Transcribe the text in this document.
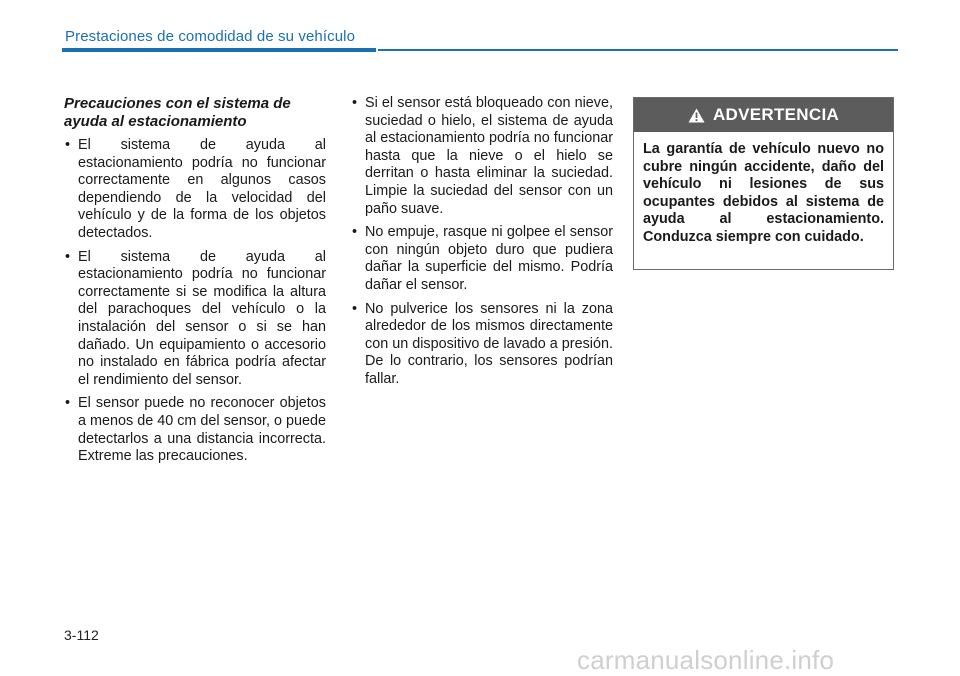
Prestaciones de comodidad de su vehículo
Precauciones con el sistema de ayuda al estacionamiento
• El sistema de ayuda al estacionamiento podría no funcionar correctamente en algunos casos dependiendo de la velocidad del vehículo y de la forma de los objetos detectados.
• El sistema de ayuda al estacionamiento podría no funcionar correctamente si se modifica la altura del parachoques del vehículo o la instalación del sensor o si se han dañado. Un equipamiento o accesorio no instalado en fábrica podría afectar el rendimiento del sensor.
• El sensor puede no reconocer objetos a menos de 40 cm del sensor, o puede detectarlos a una distancia incorrecta. Extreme las precauciones.
• Si el sensor está bloqueado con nieve, suciedad o hielo, el sistema de ayuda al estacionamiento podría no funcionar hasta que la nieve o el hielo se derritan o hasta eliminar la suciedad. Limpie la suciedad del sensor con un paño suave.
• No empuje, rasque ni golpee el sensor con ningún objeto duro que pudiera dañar la superficie del mismo. Podría dañar el sensor.
• No pulverice los sensores ni la zona alrededor de los mismos directamente con un dispositivo de lavado a presión. De lo contrario, los sensores podrían fallar.
ADVERTENCIA
La garantía de vehículo nuevo no cubre ningún accidente, daño del vehículo ni lesiones de sus ocupantes debidos al sistema de ayuda al estacionamiento. Conduzca siempre con cuidado.
3-112
carmanualsonline.info
